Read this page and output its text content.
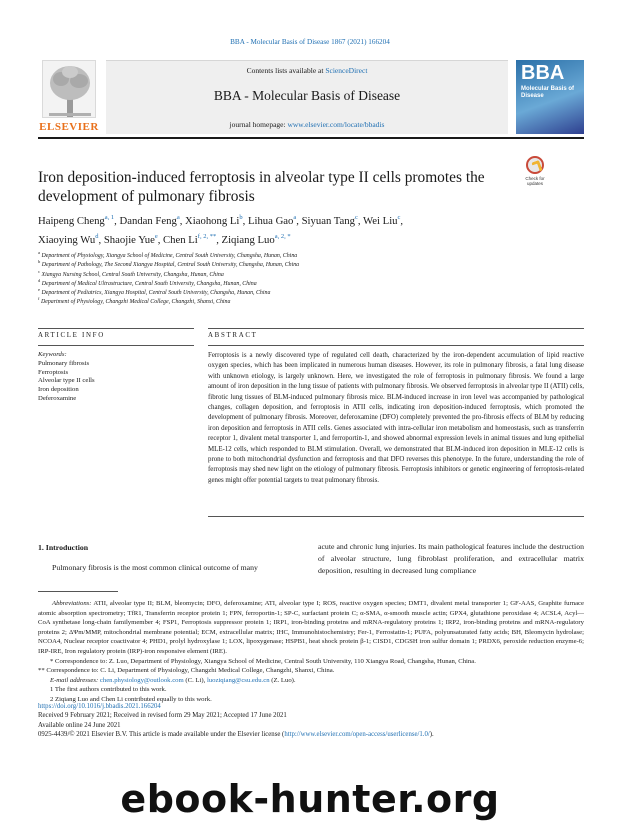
BBA - Molecular Basis of Disease 1867 (2021) 166204
ELSEVIER
Contents lists available at ScienceDirect
BBA - Molecular Basis of Disease
journal homepage: www.elsevier.com/locate/bbadis
BBA
Molecular Basis of Disease
Check for updates
Iron deposition-induced ferroptosis in alveolar type II cells promotes the development of pulmonary fibrosis
Haipeng Cheng$^{a, 1}$, Dandan Feng$^a$, Xiaohong Li$^b$, Lihua Gao$^a$, Siyuan Tang$^c$, Wei Liu$^c$,
Xiaoying Wu$^d$, Shaojie Yue$^e$, Chen $Li^{f, 2, **}$, Ziqiang Luo$^{a, 2, *}$
$^a$ Department of Physiology, Xiangya School of Medicine, Central South University, Changsha, Hunan, China
$^b$ Department of Pathology, The Second Xiangya Hospital, Central South University, Changsha, Hunan, China
$^c$ Xiangya Nursing School, Central South University, Changsha, Hunan, China
$^d$ Department of Medical Ultrastructure, Central South University, Changsha, Hunan, China
$^e$ Department of Pediatrics, Xiangya Hospital, Central South University, Changsha, Hunan, China
$^f$ Department of Physiology, Changzhi Medical College, Changzhi, Shanxi, China
ARTICLE INFO	ABSTRACT
Keywords:
Pulmonary fibrosis
Ferroptosis
Alveolar type II cells
Iron deposition
Deferoxamine

Ferroptosis is a newly discovered type of regulated cell death, characterized by the iron-dependent accumulation of lipid reactive oxygen species, which has been implicated in numerous human diseases. However, its role in pulmonary fibrosis, a fatal lung disease with unknown etiology, is largely unknown. Here, we investigated the role of ferroptosis in pulmonary fibrosis. We found a large amount of iron deposition in the lung tissue of patients with pulmonary fibrosis. We observed ferroptosis in alveolar type II (ATII) cells, fibrotic lung tissues of BLM-induced pulmonary fibrosis mice. BLM-induced increase in iron level was accompanied by pathological changes, collagen deposition, and ferroptosis in ATII cells, indicating iron deposition-induced ferroptosis, which promoted the development of pulmonary fibrosis. Moreover, deferoxamine (DFO) completely prevented the pro-fibrosis effects of BLM by reducing iron deposition and ferroptosis in ATII cells. Genes associated with intra-cellular iron metabolism and homeostasis, such as transferrin receptor 1, divalent metal transporter 1, and ferroportin-1, and showed abnormal expression levels in animal tissues and lung epithelial MLE-12 cells, which responded to BLM stimulation. Overall, we demonstrated that BLM-induced iron deposition in MLE-12 cells is prone to both mitochondrial dysfunction and ferroptosis and that DFO reverses this phenotype. In the future, understanding the role of ferroptosis may shed new light on the etiology of pulmonary fibrosis. Ferroptosis inhibitors or genetic engineering of ferroptosis-related genes might offer potential targets to treat pulmonary fibrosis.

1. Introduction

Pulmonary fibrosis is the most common clinical outcome of many

acute and chronic lung injuries. Its main pathological features include the destruction of alveolar structure, lung fibroblast proliferation, and extracellular matrix deposition, resulting in decreased lung compliance

Abbreviations: ATII, alveolar type II; BLM, bleomycin; DFO, deferoxamine; ATI, alveolar type I; ROS, reactive oxygen species; DMT1, divalent metal transporter 1; GF-AAS, Graphite furnace atomic absorption spectrometry; TfR1, Transferrin receptor protein 1; FPN, ferroportin-1; SP-C, surfactant protein C; α-SMA, α-smooth muscle actin; GPX4, glutathione peroxidase 4; ACSL4, Acyl—CoA synthetase long-chain familymember 4; FSP1, Ferroptosis suppressor protein 1; IRP1, iron-binding proteins and mRNA-regulatory proteins 1; IRP2, iron-binding proteins and mRNA-regulatory proteins 2; ΔΨm/MMP, mitochondrial membrane potential; ECM, extracellular matrix; IHC, Immunohistochemistry; Fer-1, Ferrostatin-1; PUFA, polyunsaturated fatty acids; BH, Bleomycin hydrolase; NCOA4, Nuclear receptor coactivator 4; PHD1, prolyl hydroxylase 1; LOX, lipoxygenase; HSPB1, heat shock protein β-1; CISD1, CDGSH iron sulfur domain 1; PRDX6, peroxide reduction enzyme-6; IRP-IRE, Iron regulatory protein (IRP)-iron responsive element (IRE).

* Correspondence to: Z. Luo, Department of Physiology, Xiangya School of Medicine, Central South University, 110 Xiangya Road, Changsha, Hunan, China.

** Correspondence to: C. Li, Department of Physiology, Changzhi Medical College, Changzhi, Shanxi, China.

E-mail addresses: chen.physiology@outlook.com (C. Li), luoziqiang@csu.edu.cn (Z. Luo).

1 The first authors contributed to this work.

2 Ziqiang Luo and Chen Li contributed equally to this work.

https://doi.org/10.1016/j.bbadis.2021.166204
Received 9 February 2021; Received in revised form 29 May 2021; Accepted 17 June 2021
Available online 24 June 2021
0925-4439/© 2021 Elsevier B.V. This article is made available under the Elsevier license (http://www.elsevier.com/open-access/userlicense/1.0/).
ebook-hunter.org
